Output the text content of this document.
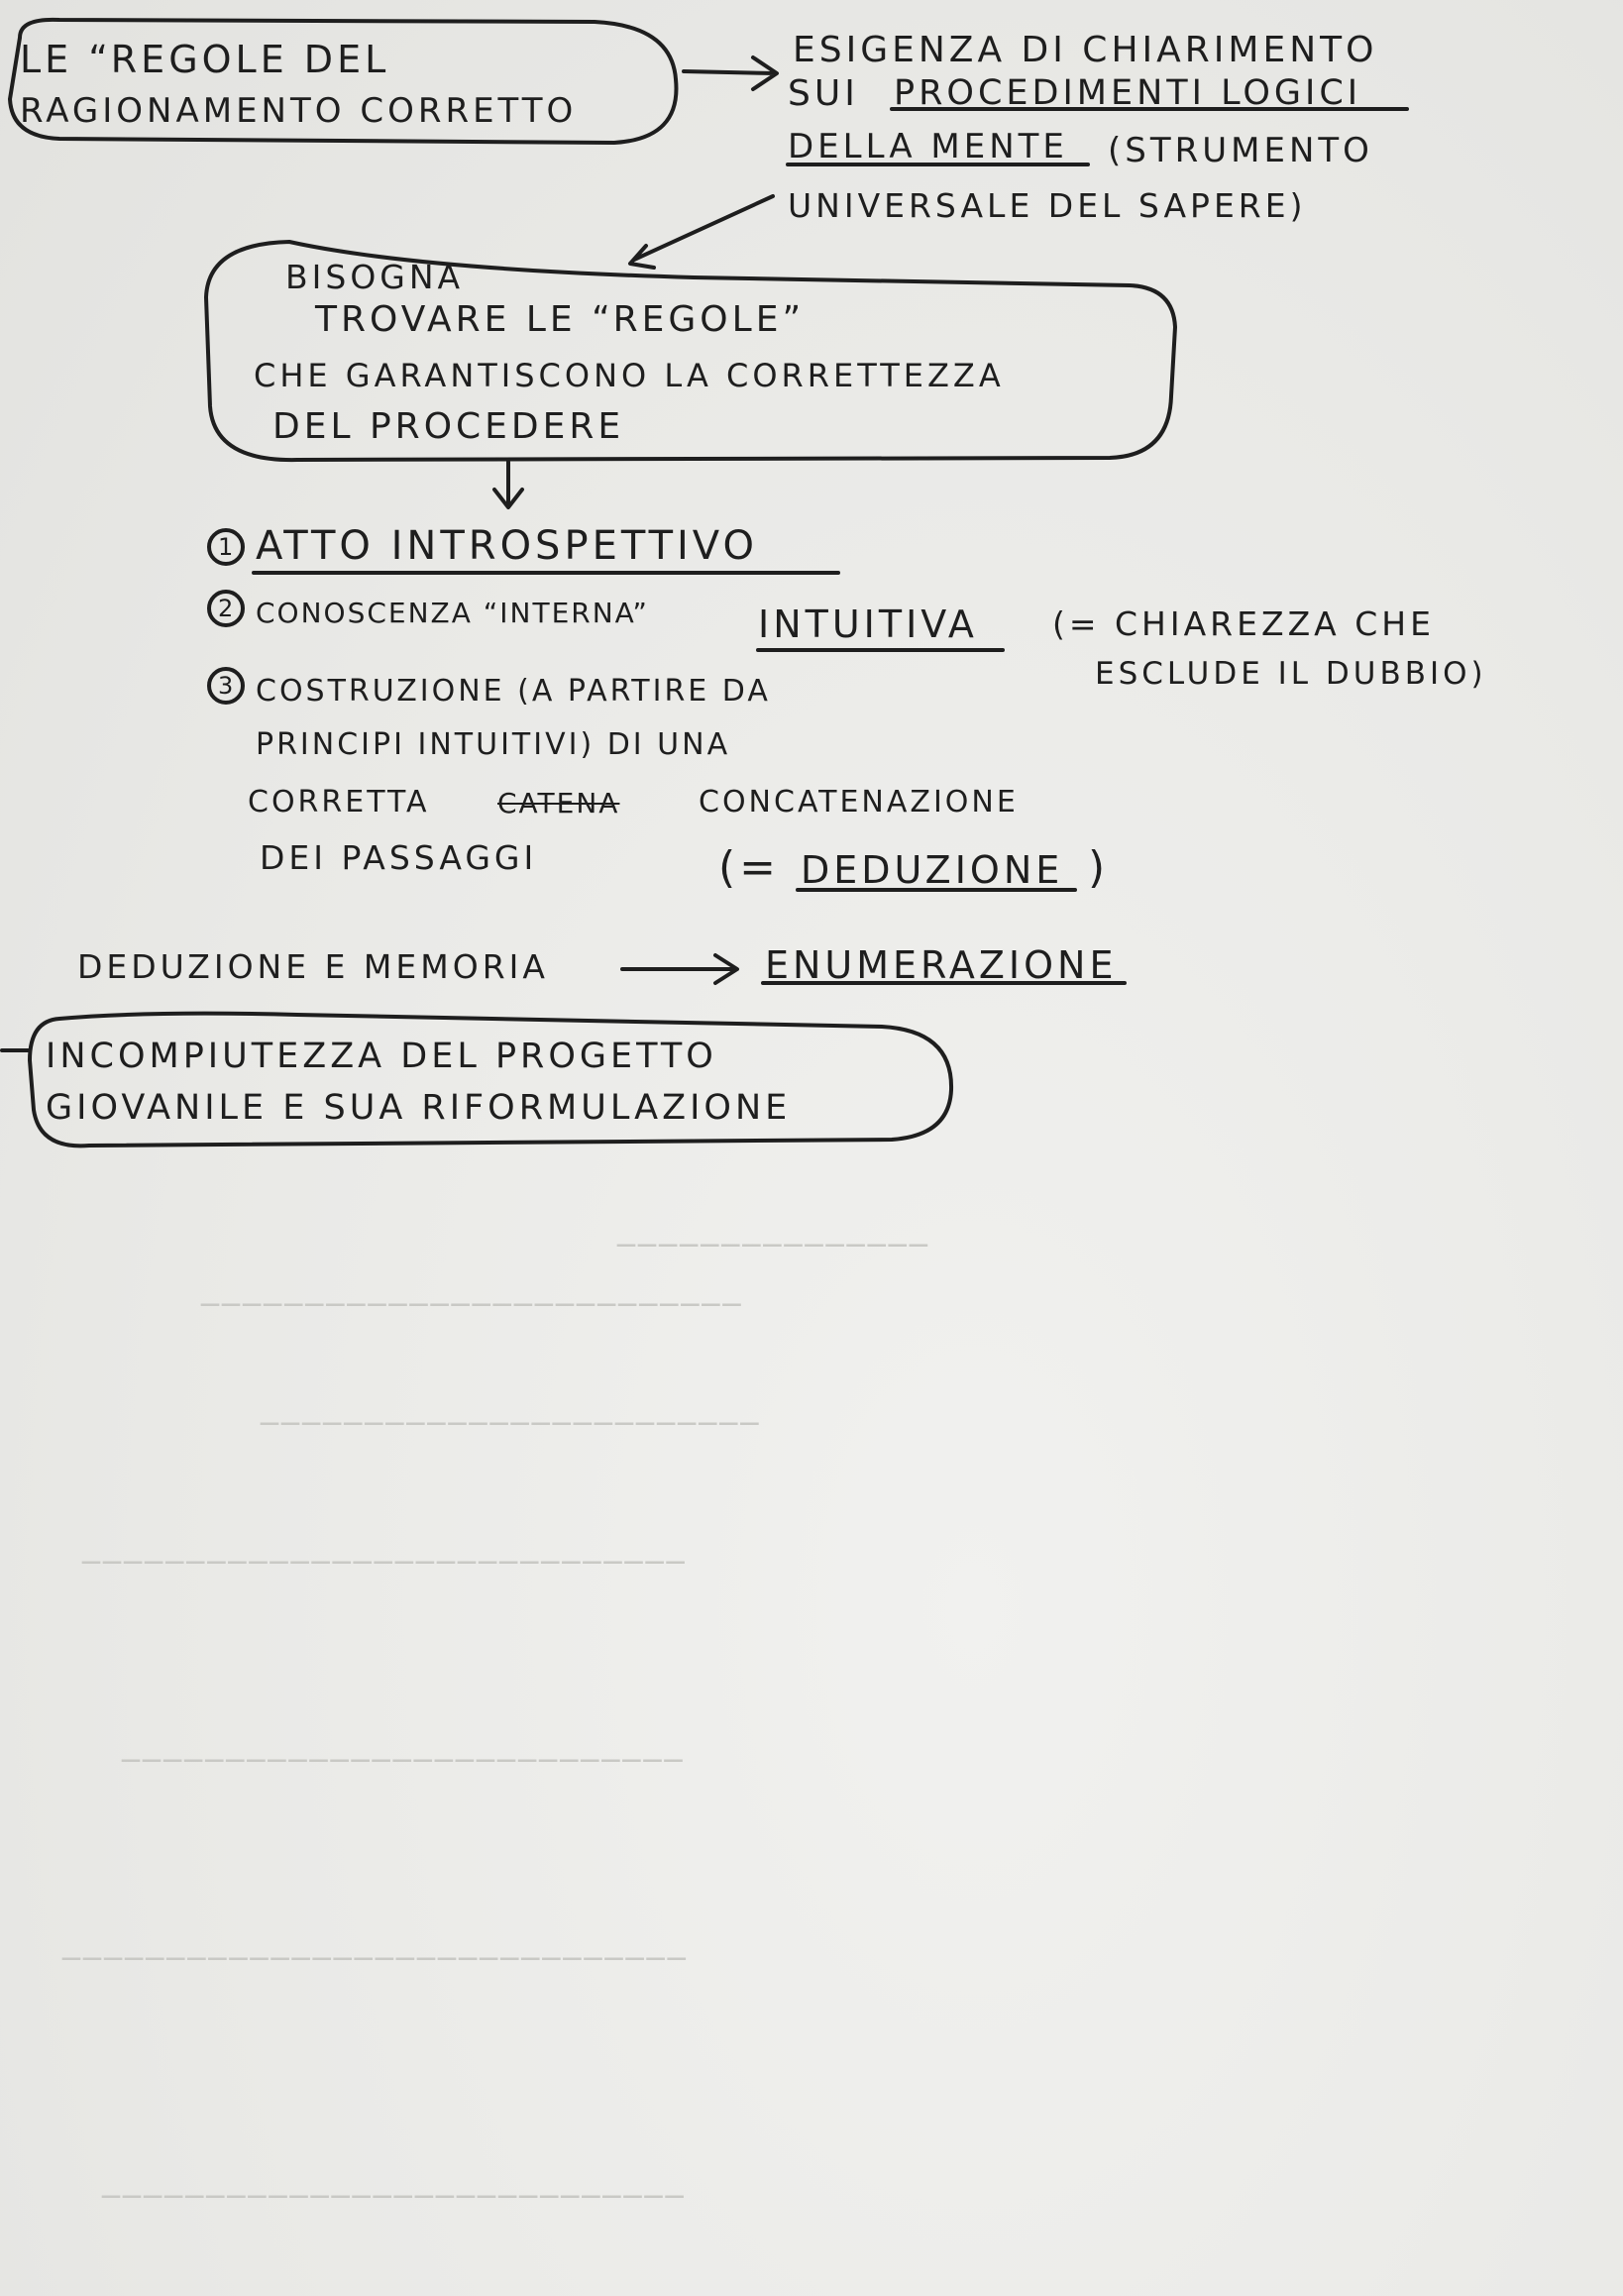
───────────────
──────────────────────────
────────────────────────
─────────────────────────────
───────────────────────────
──────────────────────────────
────────────────────────────
LE “REGOLE DEL
RAGIONAMENTO CORRETTO
ESIGENZA DI CHIARIMENTO
SUI PROCEDIMENTI LOGICI
DELLA MENTE (STRUMENTO
UNIVERSALE DEL SAPERE)
BISOGNA
TROVARE LE “REGOLE”
CHE GARANTISCONO LA CORRETTEZZA
DEL PROCEDERE
1 ATTO INTROSPETTIVO
2 CONOSCENZA “INTERNA”	INTUITIVA (= CHIAREZZA CHE
ESCLUDE IL DUBBIO)
3 COSTRUZIONE (A PARTIRE DA
PRINCIPI INTUITIVI) DI UNA
CORRETTA CATENA	CONCATENAZIONE
DEI PASSAGGI	(= DEDUZIONE )
DEDUZIONE E MEMORIA	ENUMERAZIONE
INCOMPIUTEZZA DEL PROGETTO
GIOVANILE E SUA RIFORMULAZIONE
